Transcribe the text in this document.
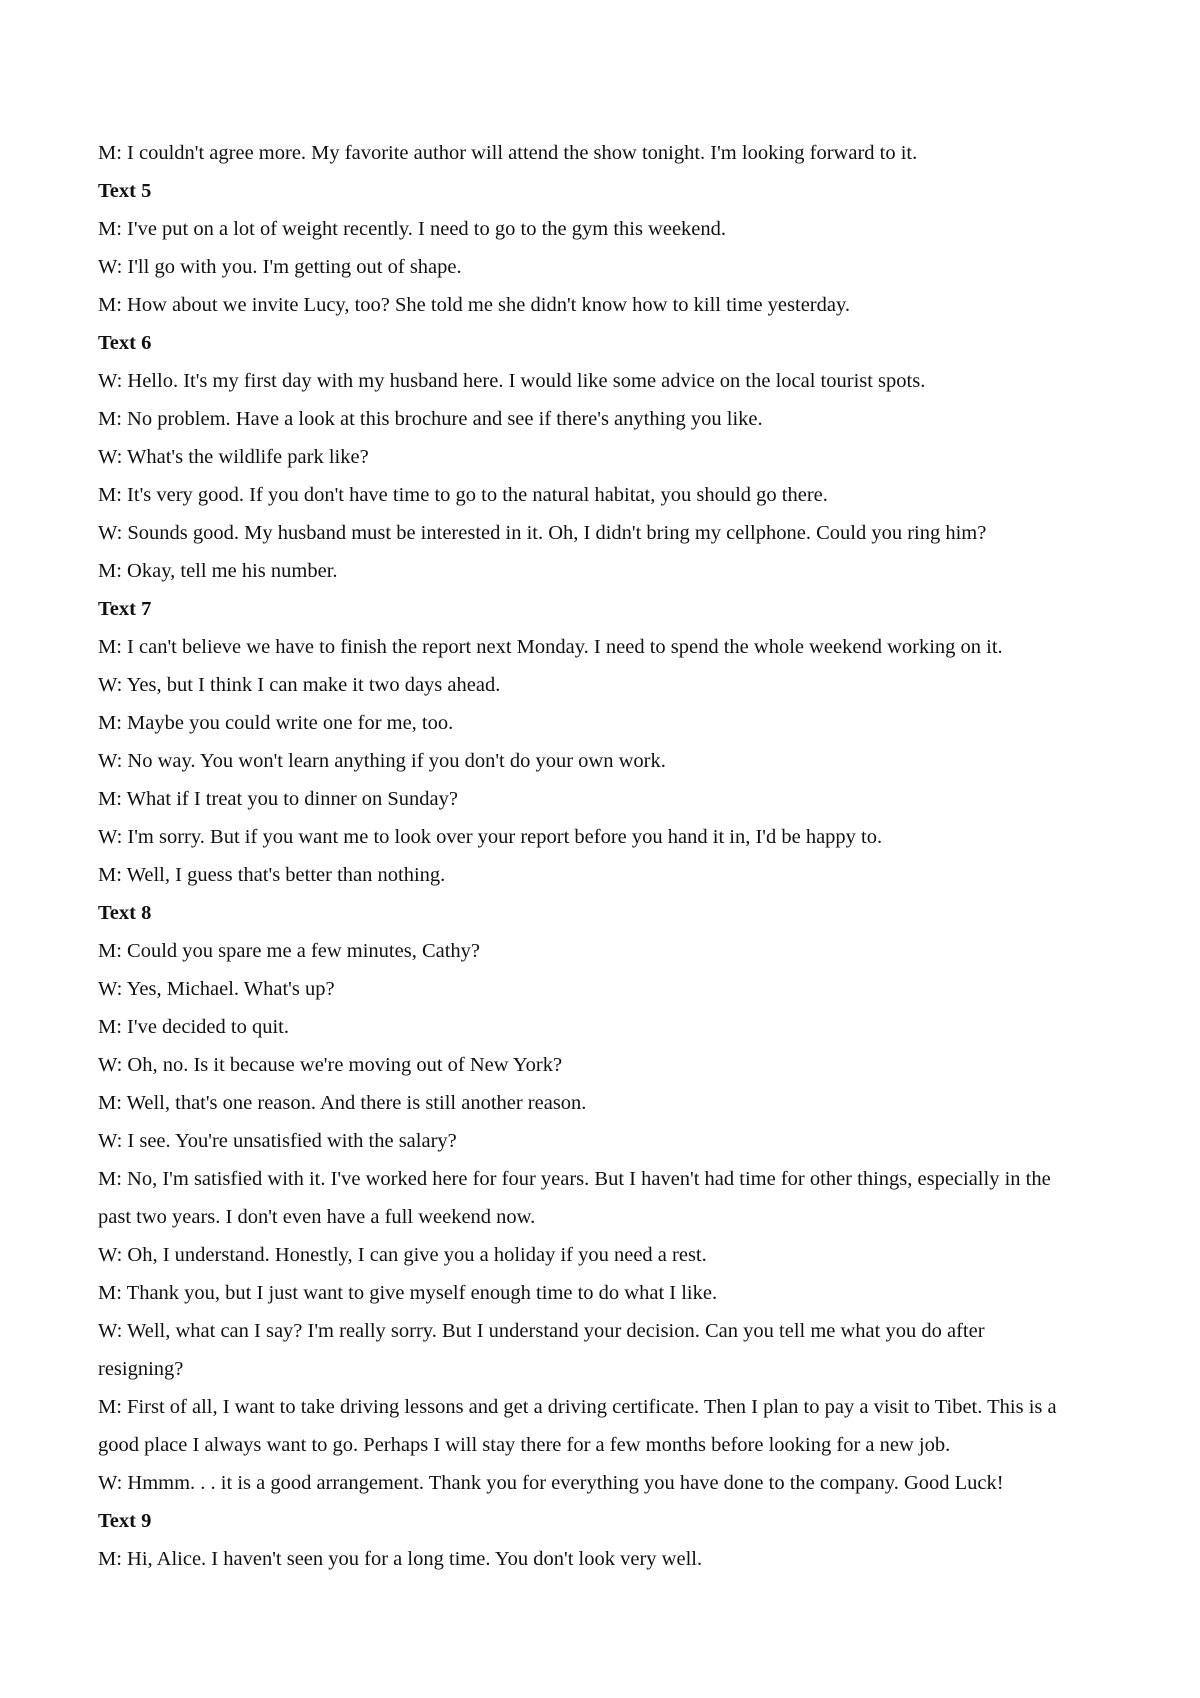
M: I couldn't agree more. My favorite author will attend the show tonight. I'm looking forward to it.
Text 5
M: I've put on a lot of weight recently. I need to go to the gym this weekend.
W: I'll go with you. I'm getting out of shape.
M: How about we invite Lucy, too? She told me she didn't know how to kill time yesterday.
Text 6
W: Hello. It's my first day with my husband here. I would like some advice on the local tourist spots.
M: No problem. Have a look at this brochure and see if there's anything you like.
W: What's the wildlife park like?
M: It's very good. If you don't have time to go to the natural habitat, you should go there.
W: Sounds good. My husband must be interested in it. Oh, I didn't bring my cellphone. Could you ring him?
M: Okay, tell me his number.
Text 7
M: I can't believe we have to finish the report next Monday. I need to spend the whole weekend working on it.
W: Yes, but I think I can make it two days ahead.
M: Maybe you could write one for me, too.
W: No way. You won't learn anything if you don't do your own work.
M: What if I treat you to dinner on Sunday?
W: I'm sorry. But if you want me to look over your report before you hand it in, I'd be happy to.
M: Well, I guess that's better than nothing.
Text 8
M: Could you spare me a few minutes, Cathy?
W: Yes, Michael. What's up?
M: I've decided to quit.
W: Oh, no. Is it because we're moving out of New York?
M: Well, that's one reason. And there is still another reason.
W: I see. You're unsatisfied with the salary?
M: No, I'm satisfied with it. I've worked here for four years. But I haven't had time for other things, especially in the
past two years. I don't even have a full weekend now.
W: Oh, I understand. Honestly, I can give you a holiday if you need a rest.
M: Thank you, but I just want to give myself enough time to do what I like.
W: Well, what can I say? I'm really sorry. But I understand your decision. Can you tell me what you do after
resigning?
M: First of all, I want to take driving lessons and get a driving certificate. Then I plan to pay a visit to Tibet. This is a
good place I always want to go. Perhaps I will stay there for a few months before looking for a new job.
W: Hmmm. . . it is a good arrangement. Thank you for everything you have done to the company. Good Luck!
Text 9
M: Hi, Alice. I haven't seen you for a long time. You don't look very well.
